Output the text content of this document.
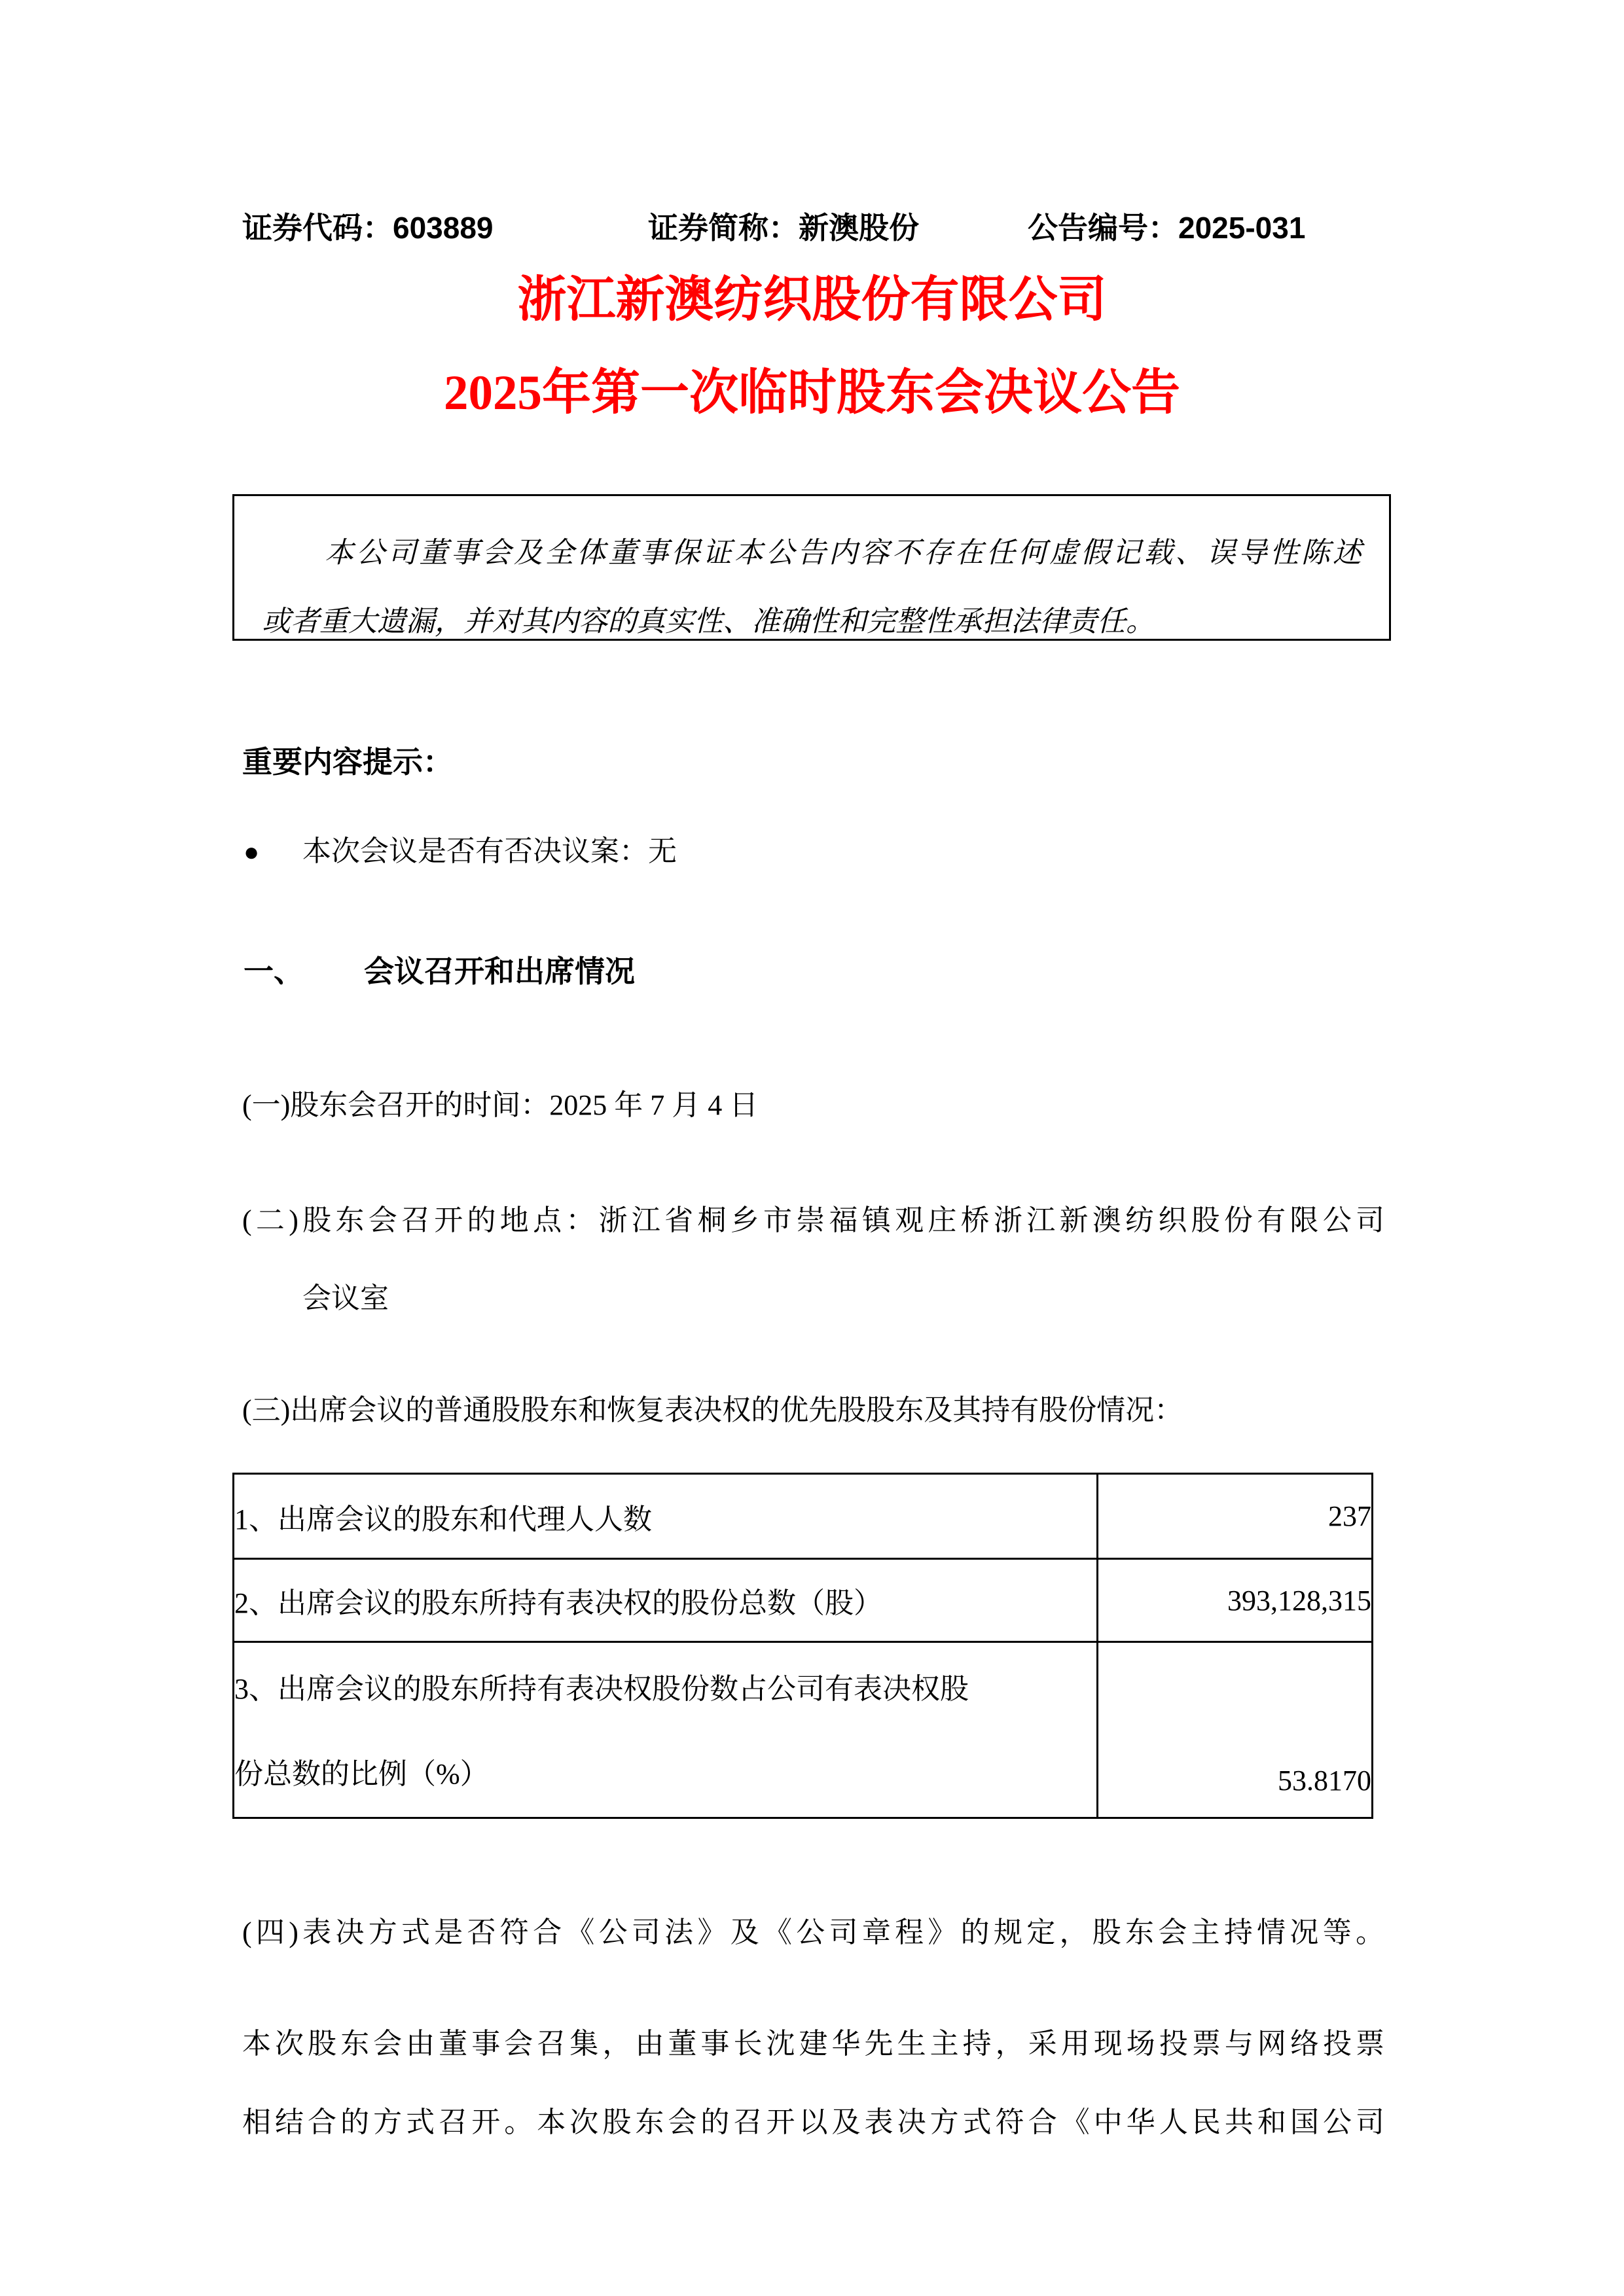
证券代码：603889	证券简称：新澳股份	公告编号：2025-031
浙江新澳纺织股份有限公司
2025年第一次临时股东会决议公告
本公司董事会及全体董事保证本公告内容不存在任何虚假记载、误导性陈述
或者重大遗漏，并对其内容的真实性、准确性和完整性承担法律责任。
重要内容提示：
● 本次会议是否有否决议案：无
一、 会议召开和出席情况
(一)股东会召开的时间：2025 年 7 月 4 日
(二)股东会召开的地点：浙江省桐乡市崇福镇观庄桥浙江新澳纺织股份有限公司
会议室
(三)出席会议的普通股股东和恢复表决权的优先股股东及其持有股份情况：
1、出席会议的股东和代理人人数	237
2、出席会议的股东所持有表决权的股份总数（股）	393,128,315

3、出席会议的股东所持有表决权股份数占公司有表决权股
份总数的比例（%）	53.8170
(四)表决方式是否符合《公司法》及《公司章程》的规定，股东会主持情况等。
本次股东会由董事会召集，由董事长沈建华先生主持，采用现场投票与网络投票
相结合的方式召开。本次股东会的召开以及表决方式符合《中华人民共和国公司
